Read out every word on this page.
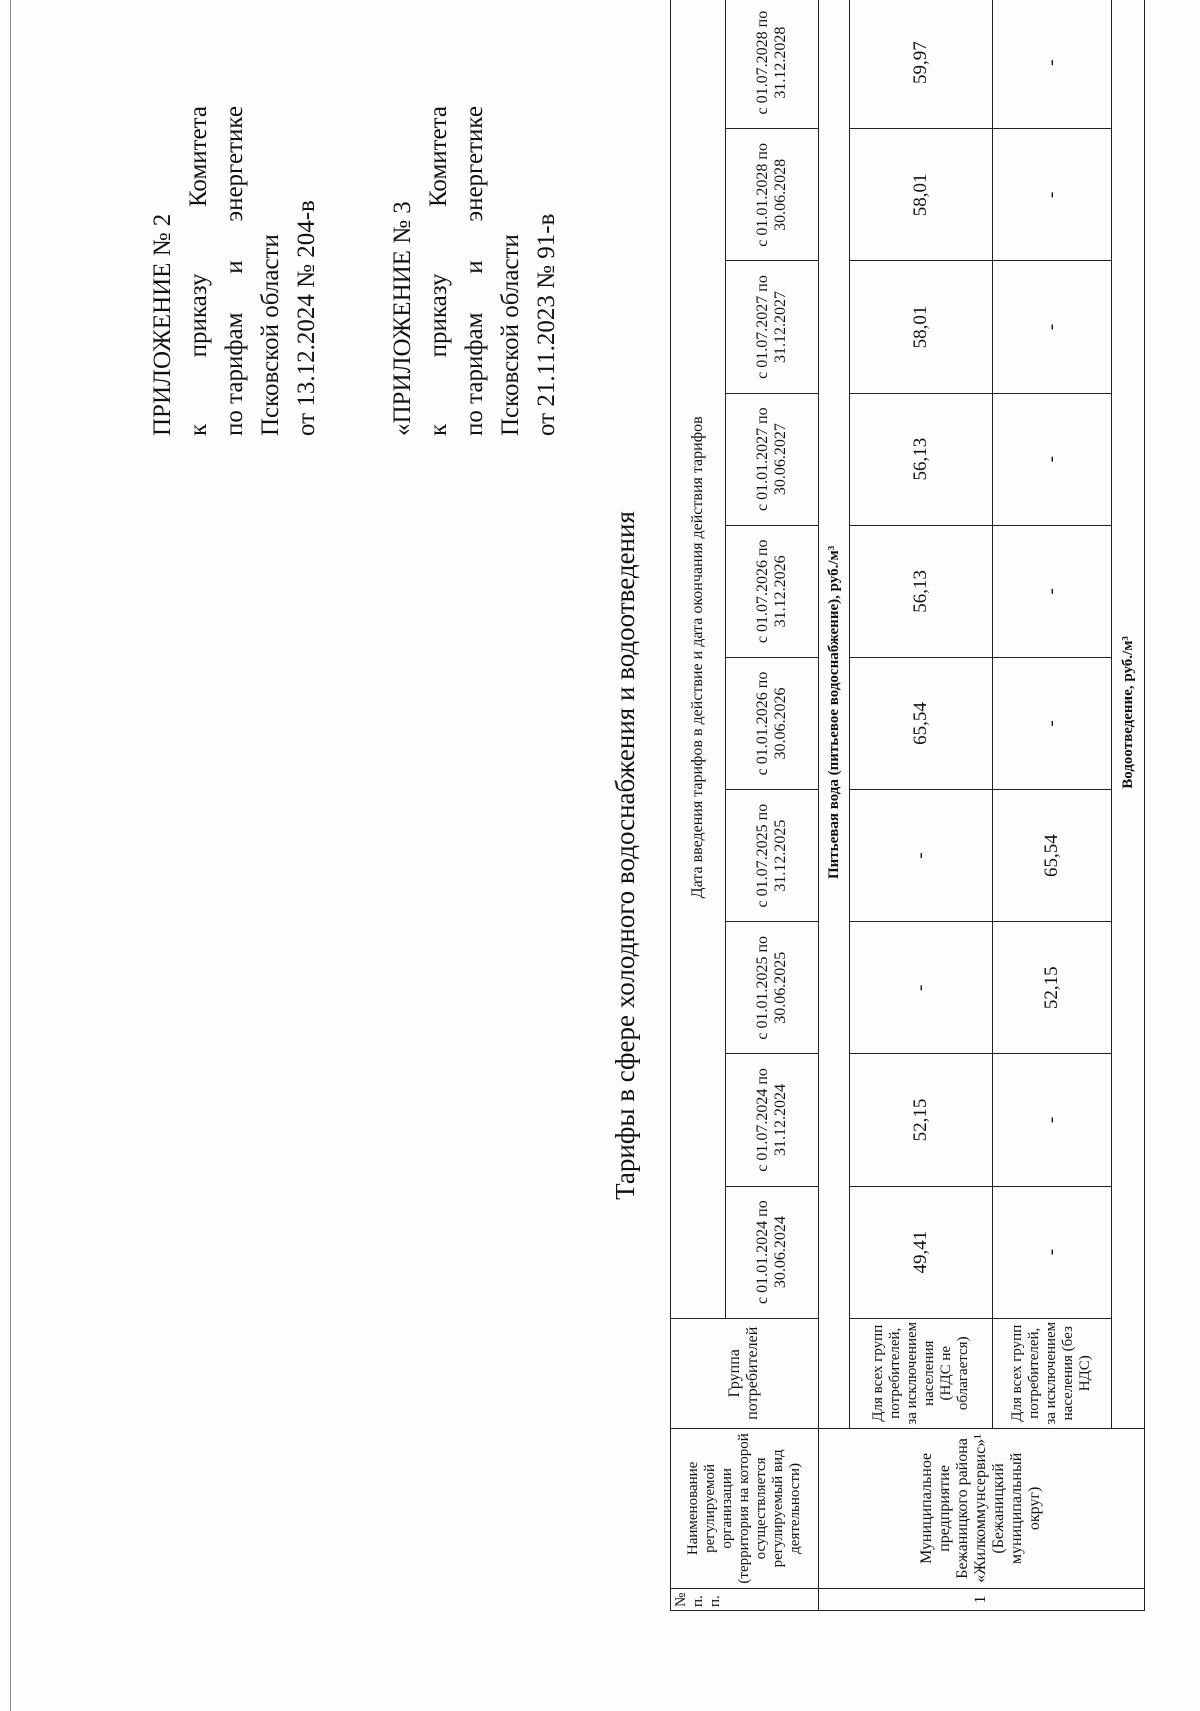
ПРИЛОЖЕНИЕ № 2 к
приказу
Комитета
по тарифам
и
энергетике
Псковской области от 13.12.2024 № 204-в	«ПРИЛОЖЕНИЕ № 3 к
приказу
Комитета
по тарифам
и
энергетике
Псковской области от 21.11.2023 № 91-в
Тарифы в сфере холодного водоснабжения и водоотведения
№ п. п.	Наименование регулируемой организации (территория на которой осуществляется регулируемый вид деятельности)	Группа потребителей	Дата введения тарифов в действие и дата окончания действия тарифов									
			с 01.01.2024 по 30.06.2024	с 01.07.2024 по 31.12.2024	с 01.01.2025 по 30.06.2025	с 01.07.2025 по 31.12.2025	с 01.01.2026 по 30.06.2026	с 01.07.2026 по 31.12.2026	с 01.01.2027 по 30.06.2027	с 01.07.2027 по 31.12.2027	с 01.01.2028 по 30.06.2028	с 01.07.2028 по 31.12.2028
1	Муниципальное предприятие Бежаницкого района «Жилкоммунсервис»¹ (Бежаницкий муниципальный округ)	Питьевая вода (питьевое водоснабжение), руб./м³										
		Для всех групп потребителей, за исключением населения (НДС не облагается)	49,41	52,15	-	-	65,54	56,13	56,13	58,01	58,01	59,97
		Для всех групп потребителей, за исключением населения (без НДС)	-	-	52,15	65,54	-	-	-	-	-	-
		Водоотведение, руб./м³										
